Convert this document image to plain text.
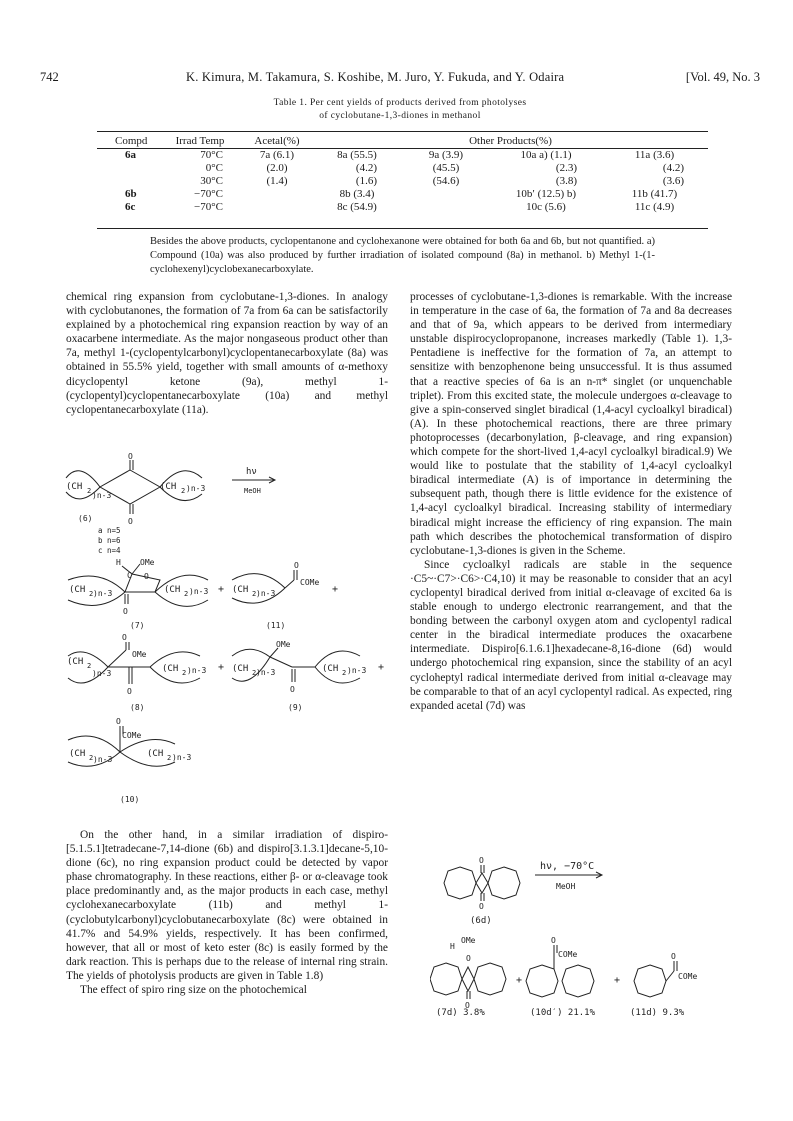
742	K. Kimura, M. Takamura, S. Koshibe, M. Juro, Y. Fukuda, and Y. Odaira	[Vol. 49, No. 3
Table 1. Per cent yields of products derived from photolyses
of cyclobutane-1,3-diones in methanol
Compd	Irrad Temp	Acetal(%)	Other Products(%)			
6a	70°C	7a (6.1)	8a (55.5)	9a (3.9)	10a a) (1.1)	11a (3.6)
	0°C	(2.0)	(4.2)	(45.5)	(2.3)	(4.2)
	30°C	(1.4)	(1.6)	(54.6)	(3.8)	(3.6)
6b	−70°C		8b (3.4)		10b′ (12.5) b)	11b (41.7)
6c	−70°C		8c (54.9)		10c (5.6)	11c (4.9)
Besides the above products, cyclopentanone and cyclohexanone were obtained for both 6a and 6b, but not quantified. a) Compound (10a) was also produced by further irradiation of isolated compound (8a) in methanol. b) Methyl 1-(1-cyclohexenyl)cyclobexanecarboxylate.

chemical ring expansion from cyclobutane-1,3-diones. In analogy with cyclobutanones, the formation of 7a from 6a can be satisfactorily explained by a photochemical ring expansion reaction by way of an oxacarbene intermediate. As the major nongaseous product other than 7a, methyl 1-(cyclopentylcarbonyl)cyclopentanecarboxylate (8a) was obtained in 55.5% yield, together with small amounts of α-methoxy dicyclopentyl ketone (9a), methyl 1-(cyclopentyl)cyclopentanecarboxylate (10a) and methyl cyclopentanecarboxylate (11a).

O
O
(CH 2 )n-3
(CH 2 )n-3
hν
MeOH
(6)
a n=5
b n=6
c n=4
H OMe
C O
O
(CH 2 )n-3	(CH 2 )n-3 +
O
(CH 2 )n-3
COMe
+
(7)	(11)
O
OMe
O
(CH 2
)n-3	(CH 2 )n-3 +
OMe
O
(CH 2 )n-3	(CH 2 )n-3 +
(8)	(9)
O
COMe
(CH 2 )n-3
(CH 2 )n-3
(10)

On the other hand, in a similar irradiation of dispiro-[5.1.5.1]tetradecane-7,14-dione (6b) and dispiro[3.1.3.1]decane-5,10-dione (6c), no ring expansion product could be detected by vapor phase chromatography. In these reactions, either β- or α-cleavage took place predominantly and, as the major products in each case, methyl cyclohexanecarboxylate (11b) and methyl 1-(cyclobutylcarbonyl)cyclobutanecarboxylate (8c) were obtained in 41.7% and 54.9% yields, respectively. It has been confirmed, however, that all or most of keto ester (8c) is easily formed by the dark reaction. This is perhaps due to the release of internal ring strain. The yields of photolysis products are given in Table 1.8)

The effect of spiro ring size on the photochemical

processes of cyclobutane-1,3-diones is remarkable. With the increase in temperature in the case of 6a, the formation of 7a and 8a decreases and that of 9a, which appears to be derived from intermediary unstable dispirocyclopropanone, increases markedly (Table 1). 1,3-Pentadiene is ineffective for the formation of 7a, an attempt to sensitize with benzophenone being unsuccessful. It is thus assumed that a reactive species of 6a is an n-π* singlet (or unquenchable triplet). From this excited state, the molecule undergoes α-cleavage to give a spin-conserved singlet biradical (1,4-acyl cycloalkyl biradical) (A). In these photochemical reactions, there are three primary photoprocesses (decarbonylation, β-cleavage, and ring expansion) which compete for the short-lived 1,4-acyl cycloalkyl biradical.9) We would like to postulate that the stability of 1,4-acyl cycloalkyl biradical intermediate (A) is of importance in determining the subsequent path, though there is little evidence for the existence of 1,4-acyl cycloalkyl biradical. Increasing stability of intermediary biradical might increase the efficiency of ring expansion. The main path which describes the photochemical transformation of dispiro cyclobutane-1,3-diones is given in the Scheme.

Since cycloalkyl radicals are stable in the sequence ·C5~·C7>·C6>·C4,10) it may be reasonable to consider that an acyl cyclopentyl biradical derived from initial α-cleavage of excited 6a is stable enough to undergo electronic rearrangement, and that the bonding between the carbonyl oxygen atom and cyclopentyl radical center in the biradical intermediate produces the oxacarbene intermediate. Dispiro[6.1.6.1]hexadecane-8,16-dione (6d) would undergo photochemical ring expansion, since the stability of an acyl cycloheptyl radical intermediate derived from initial α-cleavage may be comparable to that of an acyl cyclopentyl radical. As expected, ring expanded acetal (7d) was

O
O
hν, −70°C
MeOH
(6d)
H
OMe
O
O
+
O
COMe
+
O
COMe
(7d) 3.8%	(10d′) 21.1%	(11d) 9.3%
